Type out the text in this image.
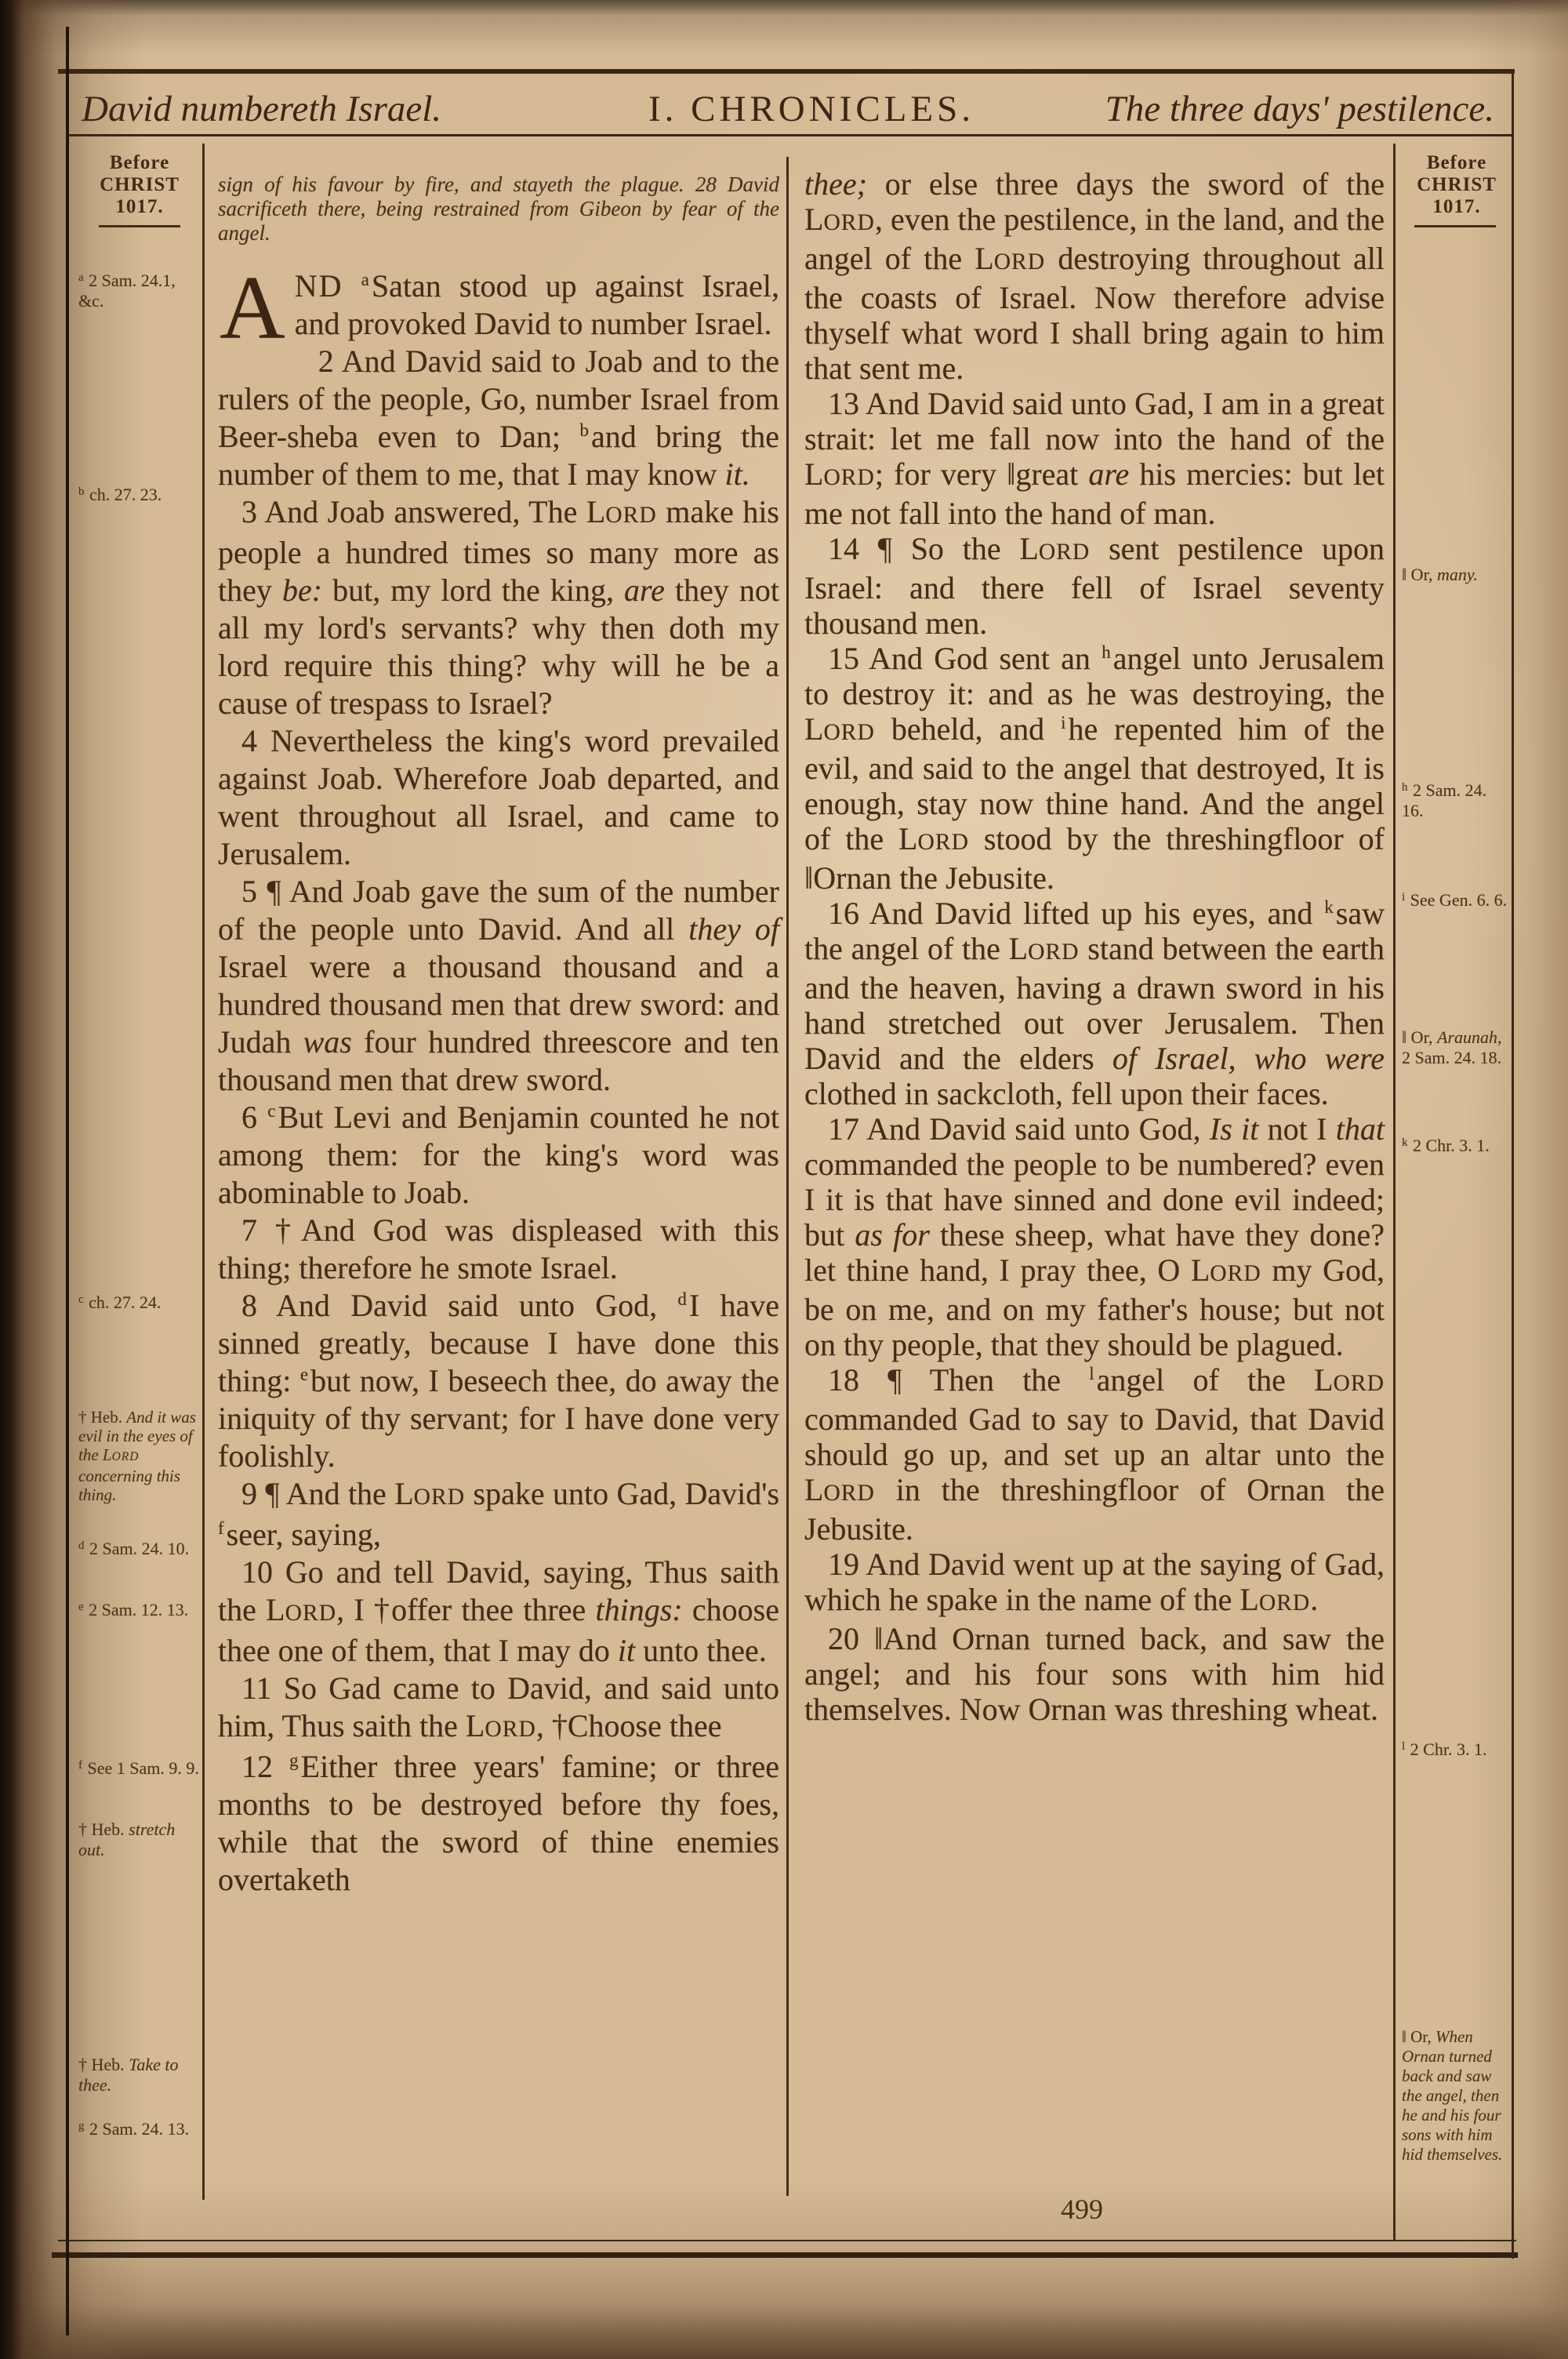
David numbereth Israel.	I. CHRONICLES.	The three days' pestilence.
Before
CHRIST
1017.
Before
CHRIST
1017.
$^a$ 2 Sam. 24.1, &c.
$^b$ ch. 27. 23.
$^c$ ch. 27. 24.
† Heb. And it was evil in the eyes of the LORD concerning this thing.
$^d$ 2 Sam. 24. 10.
$^e$ 2 Sam. 12. 13.
$^f$ See 1 Sam. 9. 9.
† Heb. stretch out.
† Heb. Take to thee.
$^g$ 2 Sam. 24. 13.
‖ Or, many.
$^h$ 2 Sam. 24. 16.
$^i$ See Gen. 6. 6.
‖ Or, Araunah, 2 Sam. 24. 18.
$^k$ 2 Chr. 3. 1.
$^l$ 2 Chr. 3. 1.
‖ Or, When Ornan turned back and saw the angel, then he and his four sons with him hid themselves.

sign of his favour by fire, and stayeth the plague. 28 David sacrificeth there, being restrained from Gibeon by fear of the angel.

AND $^a$Satan stood up against Israel, and provoked David to number Israel.

2 And David said to Joab and to the rulers of the people, Go, number Israel from Beer-sheba even to Dan; $^b$and bring the number of them to me, that I may know it.

3 And Joab answered, The LORD make his people a hundred times so many more as they be: but, my lord the king, are they not all my lord's servants? why then doth my lord require this thing? why will he be a cause of trespass to Israel?

4 Nevertheless the king's word prevailed against Joab. Wherefore Joab departed, and went throughout all Israel, and came to Jerusalem.

5 ¶ And Joab gave the sum of the number of the people unto David. And all they of Israel were a thousand thousand and a hundred thousand men that drew sword: and Judah was four hundred threescore and ten thousand men that drew sword.

6 $^c$But Levi and Benjamin counted he not among them: for the king's word was abominable to Joab.

7 †And God was displeased with this thing; therefore he smote Israel.

8 And David said unto God, $^d$I have sinned greatly, because I have done this thing: $^e$but now, I beseech thee, do away the iniquity of thy servant; for I have done very foolishly.

9 ¶ And the LORD spake unto Gad, David's $^f$seer, saying,

10 Go and tell David, saying, Thus saith the LORD, I †offer thee three things: choose thee one of them, that I may do it unto thee.

11 So Gad came to David, and said unto him, Thus saith the LORD, †Choose thee

12 $^g$Either three years' famine; or three months to be destroyed before thy foes, while that the sword of thine enemies overtaketh

thee; or else three days the sword of the LORD, even the pestilence, in the land, and the angel of the LORD destroying throughout all the coasts of Israel. Now therefore advise thyself what word I shall bring again to him that sent me.

13 And David said unto Gad, I am in a great strait: let me fall now into the hand of the LORD; for very ‖great are his mercies: but let me not fall into the hand of man.

14 ¶ So the LORD sent pestilence upon Israel: and there fell of Israel seventy thousand men.

15 And God sent an $^h$angel unto Jerusalem to destroy it: and as he was destroying, the LORD beheld, and $^i$he repented him of the evil, and said to the angel that destroyed, It is enough, stay now thine hand. And the angel of the LORD stood by the threshingfloor of ‖Ornan the Jebusite.

16 And David lifted up his eyes, and $^k$saw the angel of the LORD stand between the earth and the heaven, having a drawn sword in his hand stretched out over Jerusalem. Then David and the elders of Israel, who were clothed in sackcloth, fell upon their faces.

17 And David said unto God, Is it not I that commanded the people to be numbered? even I it is that have sinned and done evil indeed; but as for these sheep, what have they done? let thine hand, I pray thee, O LORD my God, be on me, and on my father's house; but not on thy people, that they should be plagued.

18 ¶ Then the $^l$angel of the LORD commanded Gad to say to David, that David should go up, and set up an altar unto the LORD in the threshingfloor of Ornan the Jebusite.

19 And David went up at the saying of Gad, which he spake in the name of the LORD.

20 ‖And Ornan turned back, and saw the angel; and his four sons with him hid themselves. Now Ornan was threshing wheat.

499
